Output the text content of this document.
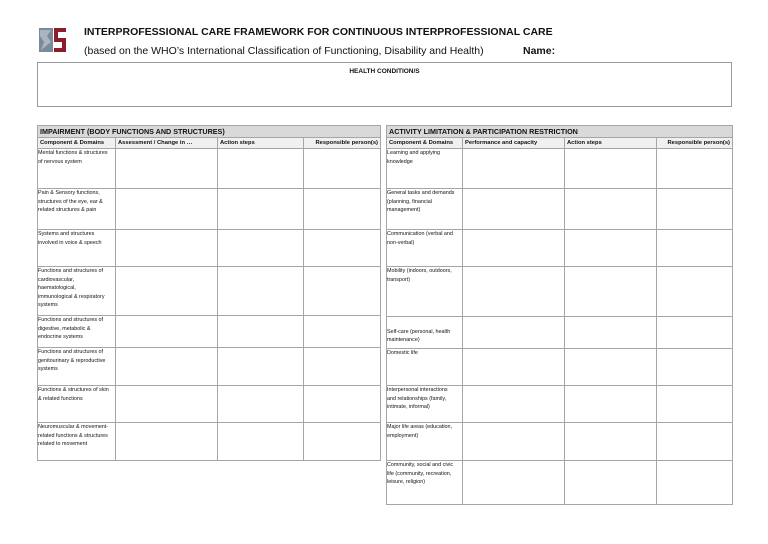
INTERPROFESSIONAL CARE FRAMEWORK FOR CONTINUOUS INTERPROFESSIONAL CARE
(based on the WHO’s International Classification of Functioning, Disability and Health)	Name:
HEALTH CONDITION/S
IMPAIRMENT (BODY FUNCTIONS AND STRUCTURES)			
Component & Domains	Assessment / Change in …	Action steps	Responsible person(s)

Mental functions & structures of nervous system			

Pain & Sensory functions, structures of the eye, ear & related structures & pain			

Systems and structures involved in voice & speech			

Functions and structures of cardiovascular, haematological, immunological & respiratory systems			

Functions and structures of digestive, metabolic & endocrine systems			

Functions and structures of genitourinary & reproductive systems			

Functions & structures of skin & related functions			

Neuromuscular & movement-related functions & structures related to movement			

ACTIVITY LIMITATION & PARTICIPATION RESTRICTION			
Component & Domains	Performance and capacity	Action steps	Responsible person(s)

Learning and applying knowledge			

General tasks and demands (planning, financial management)			

Communication (verbal and non-verbal)			

Mobility (indoors, outdoors, transport)			

Self-care (personal, health maintenance)			

Domestic life			

Interpersonal interactions and relationships (family, intimate, informal)			

Major life areas (education, employment)			

Community, social and civic life (community, recreation, leisure, religion)			
